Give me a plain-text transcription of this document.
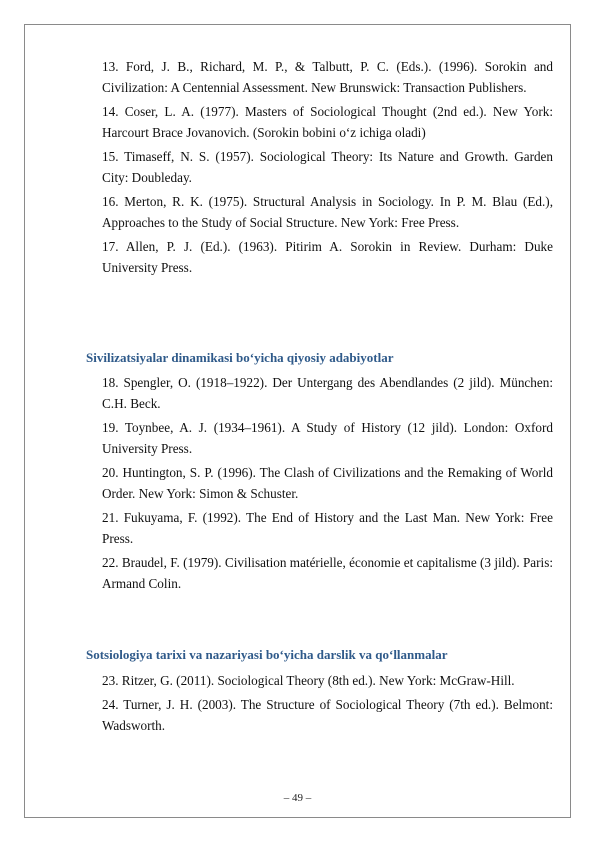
13. Ford, J. B., Richard, M. P., & Talbutt, P. C. (Eds.). (1996). Sorokin and Civilization: A Centennial Assessment. New Brunswick: Transaction Publishers.

14. Coser, L. A. (1977). Masters of Sociological Thought (2nd ed.). New York: Harcourt Brace Jovanovich. (Sorokin bobini o‘z ichiga oladi)

15. Timaseff, N. S. (1957). Sociological Theory: Its Nature and Growth. Garden City: Doubleday.

16. Merton, R. K. (1975). Structural Analysis in Sociology. In P. M. Blau (Ed.), Approaches to the Study of Social Structure. New York: Free Press.

17. Allen, P. J. (Ed.). (1963). Pitirim A. Sorokin in Review. Durham: Duke University Press.

Sivilizatsiyalar dinamikasi bo‘yicha qiyosiy adabiyotlar

18. Spengler, O. (1918–1922). Der Untergang des Abendlandes (2 jild). München: C.H. Beck.

19. Toynbee, A. J. (1934–1961). A Study of History (12 jild). London: Oxford University Press.

20. Huntington, S. P. (1996). The Clash of Civilizations and the Remaking of World Order. New York: Simon & Schuster.

21. Fukuyama, F. (1992). The End of History and the Last Man. New York: Free Press.

22. Braudel, F. (1979). Civilisation matérielle, économie et capitalisme (3 jild). Paris: Armand Colin.

Sotsiologiya tarixi va nazariyasi bo‘yicha darslik va qo‘llanmalar

23. Ritzer, G. (2011). Sociological Theory (8th ed.). New York: McGraw-Hill.

24. Turner, J. H. (2003). The Structure of Sociological Theory (7th ed.). Belmont: Wadsworth.

– 49 –
